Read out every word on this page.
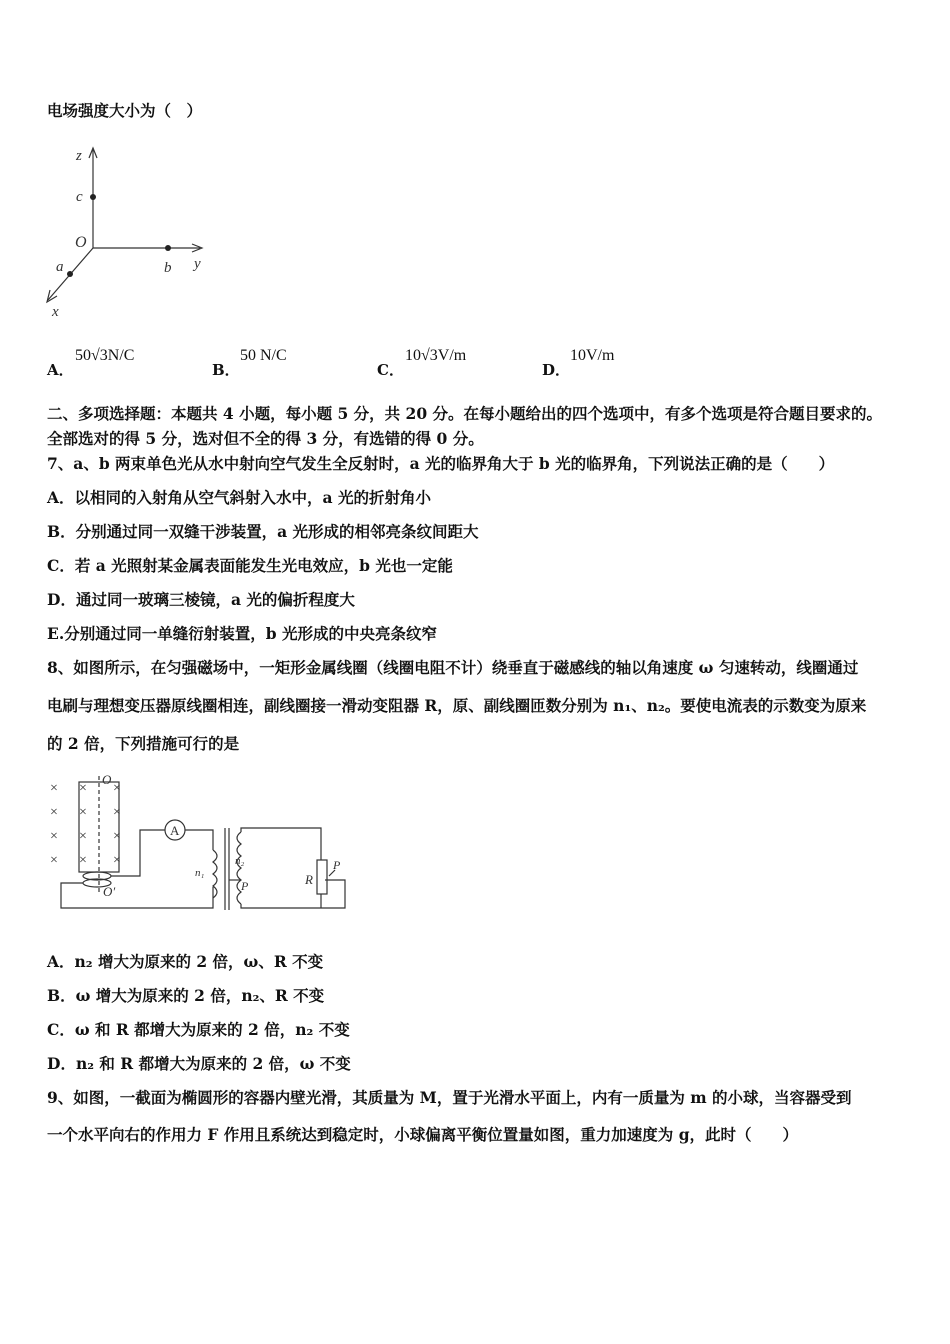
电场强度大小为（　）
z
c
O
y
b
a
x
A．
50√3N/C
B．
50 N/C
C．
10√3V/m
D．
10V/m
二、多项选择题：本题共 4 小题，每小题 5 分，共 20 分。在每小题给出的四个选项中，有多个选项是符合题目要求的。
全部选对的得 5 分，选对但不全的得 3 分，有选错的得 0 分。
7、a、b 两束单色光从水中射向空气发生全反射时，a 光的临界角大于 b 光的临界角，下列说法正确的是（　　）
A．以相同的入射角从空气斜射入水中，a 光的折射角小
B．分别通过同一双缝干涉装置，a 光形成的相邻亮条纹间距大
C．若 a 光照射某金属表面能发生光电效应，b 光也一定能
D．通过同一玻璃三棱镜，a 光的偏折程度大
E.分别通过同一单缝衍射装置，b 光形成的中央亮条纹窄
8、如图所示，在匀强磁场中，一矩形金属线圈（线圈电阻不计）绕垂直于磁感线的轴以角速度 ω 匀速转动，线圈通过
电刷与理想变压器原线圈相连，副线圈接一滑动变阻器 R，原、副线圈匝数分别为 n₁、n₂。要使电流表的示数变为原来
的 2 倍，下列措施可行的是
×
×
×
×
×
×
×
×
×
×
×
×
O
O′
A
n₁
n₂
P	R
P
A．n₂ 增大为原来的 2 倍，ω、R 不变
B．ω 增大为原来的 2 倍，n₂、R 不变
C．ω 和 R 都增大为原来的 2 倍，n₂ 不变
D．n₂ 和 R 都增大为原来的 2 倍，ω 不变
9、如图，一截面为椭圆形的容器内壁光滑，其质量为 M，置于光滑水平面上，内有一质量为 m 的小球，当容器受到
一个水平向右的作用力 F 作用且系统达到稳定时，小球偏离平衡位置量如图，重力加速度为 g，此时（　　）
